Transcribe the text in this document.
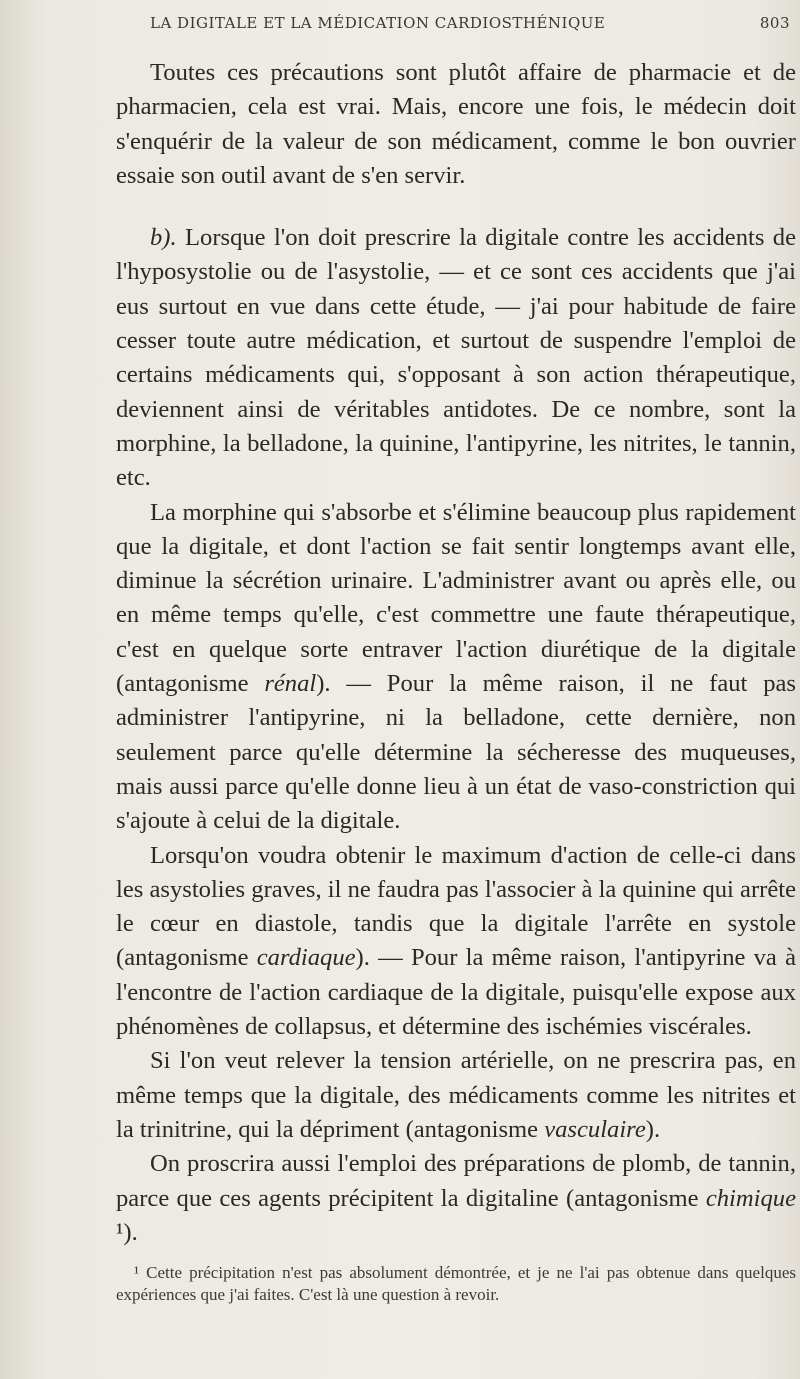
LA DIGITALE ET LA MÉDICATION CARDIOSTHÉNIQUE	803

Toutes ces précautions sont plutôt affaire de pharmacie et de pharmacien, cela est vrai. Mais, encore une fois, le médecin doit s'enquérir de la valeur de son médicament, comme le bon ouvrier essaie son outil avant de s'en servir.

b). Lorsque l'on doit prescrire la digitale contre les accidents de l'hyposystolie ou de l'asystolie, — et ce sont ces accidents que j'ai eus surtout en vue dans cette étude, — j'ai pour habitude de faire cesser toute autre médication, et surtout de suspendre l'emploi de certains médicaments qui, s'opposant à son action thérapeutique, deviennent ainsi de véritables antidotes. De ce nombre, sont la morphine, la belladone, la quinine, l'antipyrine, les nitrites, le tannin, etc.

La morphine qui s'absorbe et s'élimine beaucoup plus rapidement que la digitale, et dont l'action se fait sentir longtemps avant elle, diminue la sécrétion urinaire. L'administrer avant ou après elle, ou en même temps qu'elle, c'est commettre une faute thérapeutique, c'est en quelque sorte entraver l'action diurétique de la digitale (antagonisme rénal). — Pour la même raison, il ne faut pas administrer l'antipyrine, ni la belladone, cette dernière, non seulement parce qu'elle détermine la sécheresse des muqueuses, mais aussi parce qu'elle donne lieu à un état de vaso-constriction qui s'ajoute à celui de la digitale.

Lorsqu'on voudra obtenir le maximum d'action de celle-ci dans les asystolies graves, il ne faudra pas l'associer à la quinine qui arrête le cœur en diastole, tandis que la digitale l'arrête en systole (antagonisme cardiaque). — Pour la même raison, l'antipyrine va à l'encontre de l'action cardiaque de la digitale, puisqu'elle expose aux phénomènes de collapsus, et détermine des ischémies viscérales.

Si l'on veut relever la tension artérielle, on ne prescrira pas, en même temps que la digitale, des médicaments comme les nitrites et la trinitrine, qui la dépriment (antagonisme vasculaire).

On proscrira aussi l'emploi des préparations de plomb, de tannin, parce que ces agents précipitent la digitaline (antagonisme chimique ¹).

¹ Cette précipitation n'est pas absolument démontrée, et je ne l'ai pas obtenue dans quelques expériences que j'ai faites. C'est là une question à revoir.
